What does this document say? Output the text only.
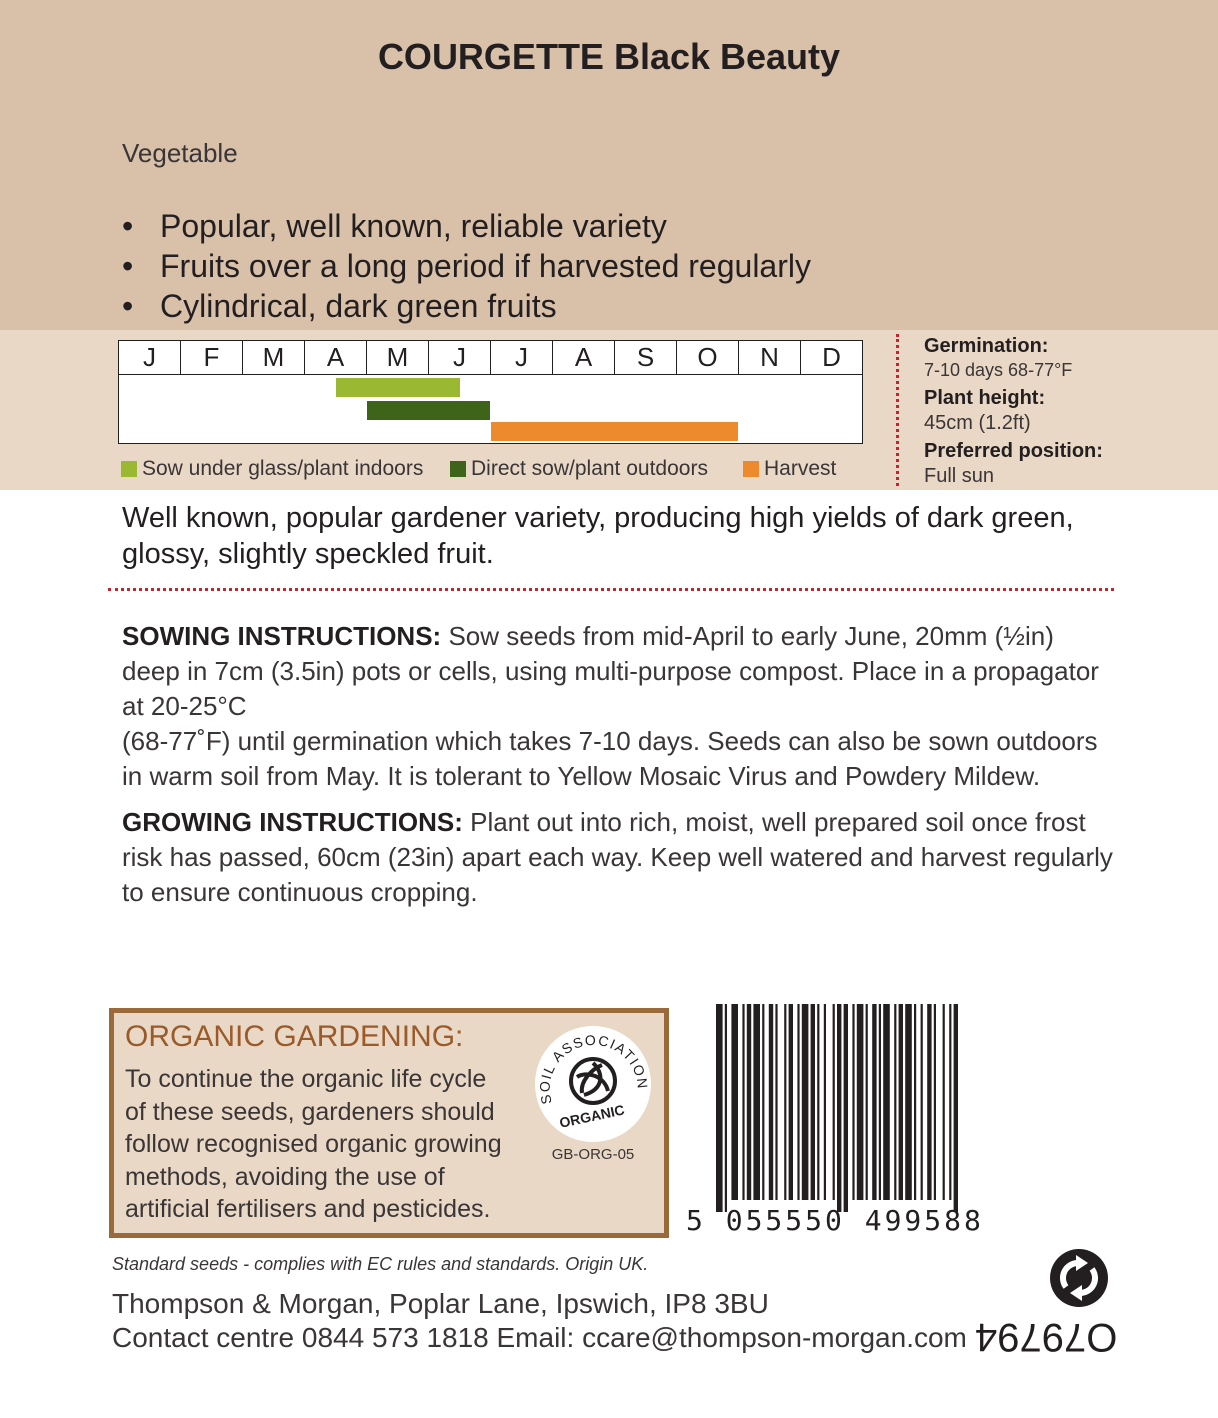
COURGETTE Black Beauty
Vegetable
• Popular, well known, reliable variety
• Fruits over a long period if harvested regularly
• Cylindrical, dark green fruits
J	F	M	A	M	J	J	A	S	O	N	D
Sow under glass/plant indoors Direct sow/plant outdoors	Harvest
Germination:
7-10 days 68-77°F
Plant height:
45cm (1.2ft)
Preferred position:
Full sun
Well known, popular gardener variety, producing high yields of dark green, glossy, slightly speckled fruit.
SOWING INSTRUCTIONS: Sow seeds from mid-April to early June, 20mm (½in)
deep in 7cm (3.5in) pots or cells, using multi-purpose compost. Place in a propagator
at 20-25°C
(68-77˚F) until germination which takes 7-10 days. Seeds can also be sown outdoors
in warm soil from May. It is tolerant to Yellow Mosaic Virus and Powdery Mildew.
GROWING INSTRUCTIONS: Plant out into rich, moist, well prepared soil once frost
risk has passed, 60cm (23in) apart each way. Keep well watered and harvest regularly
to ensure continuous cropping.
ORGANIC GARDENING:
To continue the organic life cycle
of these seeds, gardeners should
follow recognised organic growing
methods, avoiding the use of
artificial fertilisers and pesticides.
SOIL ASSOCIATION
ORGANIC
GB-ORG-05
5 055550 499588
Standard seeds - complies with EC rules and standards. Origin UK.
Thompson & Morgan, Poplar Lane, Ipswich, IP8 3BU
Contact centre 0844 573 1818 Email: ccare@thompson-morgan.com O79794
